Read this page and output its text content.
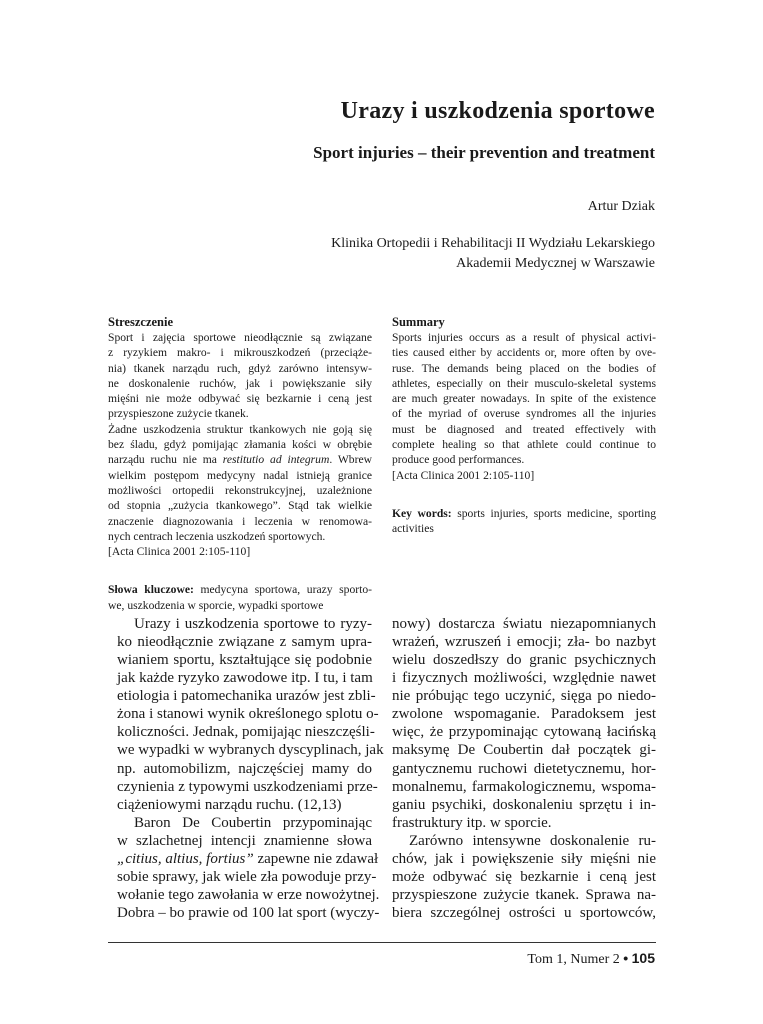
Urazy i uszkodzenia sportowe
Sport injuries – their prevention and treatment
Artur Dziak
Klinika Ortopedii i Rehabilitacji II Wydziału Lekarskiego
Akademii Medycznej w Warszawie
Streszczenie
Sport i zajęcia sportowe nieodłącznie są związane
z ryzykiem makro- i mikrouszkodzeń (przeciąże-
nia) tkanek narządu ruch, gdyż zarówno intensyw-
ne doskonalenie ruchów, jak i powiększanie siły
mięśni nie może odbywać się bezkarnie i ceną jest
przyspieszone zużycie tkanek.
Żadne uszkodzenia struktur tkankowych nie goją się
bez śladu, gdyż pomijając złamania kości w obrębie
narządu ruchu nie ma restitutio ad integrum. Wbrew
wielkim postępom medycyny nadal istnieją granice
możliwości ortopedii rekonstrukcyjnej, uzależnione
od stopnia „zużycia tkankowego”. Stąd tak wielkie
znaczenie diagnozowania i leczenia w renomowa-
nych centrach leczenia uszkodzeń sportowych.
[Acta Clinica 2001 2:105-110]
Słowa kluczowe: medycyna sportowa, urazy sporto-
we, uszkodzenia w sporcie, wypadki sportowe
Summary
Sports injuries occurs as a result of physical activi-
ties caused either by accidents or, more often by ove-
ruse. The demands being placed on the bodies of
athletes, especially on their musculo-skeletal systems
are much greater nowadays. In spite of the existence
of the myriad of overuse syndromes all the injuries
must be diagnosed and treated effectively with
complete healing so that athlete could continue to
produce good performances.
[Acta Clinica 2001 2:105-110]
Key words: sports injuries, sports medicine, sporting
activities
Urazy i uszkodzenia sportowe to ryzy-
ko nieodłącznie związane z samym upra-
wianiem sportu, kształtujące się podobnie
jak każde ryzyko zawodowe itp. I tu, i tam
etiologia i patomechanika urazów jest zbli-
żona i stanowi wynik określonego splotu o-
koliczności. Jednak, pomijając nieszczęśli-
we wypadki w wybranych dyscyplinach, jak
np. automobilizm, najczęściej mamy do
czynienia z typowymi uszkodzeniami prze-
ciążeniowymi narządu ruchu. (12,13)
Baron De Coubertin przypominając
w szlachetnej intencji znamienne słowa
„citius, altius, fortius” zapewne nie zdawał
sobie sprawy, jak wiele zła powoduje przy-
wołanie tego zawołania w erze nowożytnej.
Dobra – bo prawie od 100 lat sport (wyczy-
nowy) dostarcza światu niezapomnianych
wrażeń, wzruszeń i emocji; zła- bo nazbyt
wielu doszedłszy do granic psychicznych
i fizycznych możliwości, względnie nawet
nie próbując tego uczynić, sięga po niedo-
zwolone wspomaganie. Paradoksem jest
więc, że przypominając cytowaną łacińską
maksymę De Coubertin dał początek gi-
gantycznemu ruchowi dietetycznemu, hor-
monalnemu, farmakologicznemu, wspoma-
ganiu psychiki, doskonaleniu sprzętu i in-
frastruktury itp. w sporcie.
Zarówno intensywne doskonalenie ru-
chów, jak i powiększenie siły mięśni nie
może odbywać się bezkarnie i ceną jest
przyspieszone zużycie tkanek. Sprawa na-
biera szczególnej ostrości u sportowców,
Tom 1, Numer 2 • 105
